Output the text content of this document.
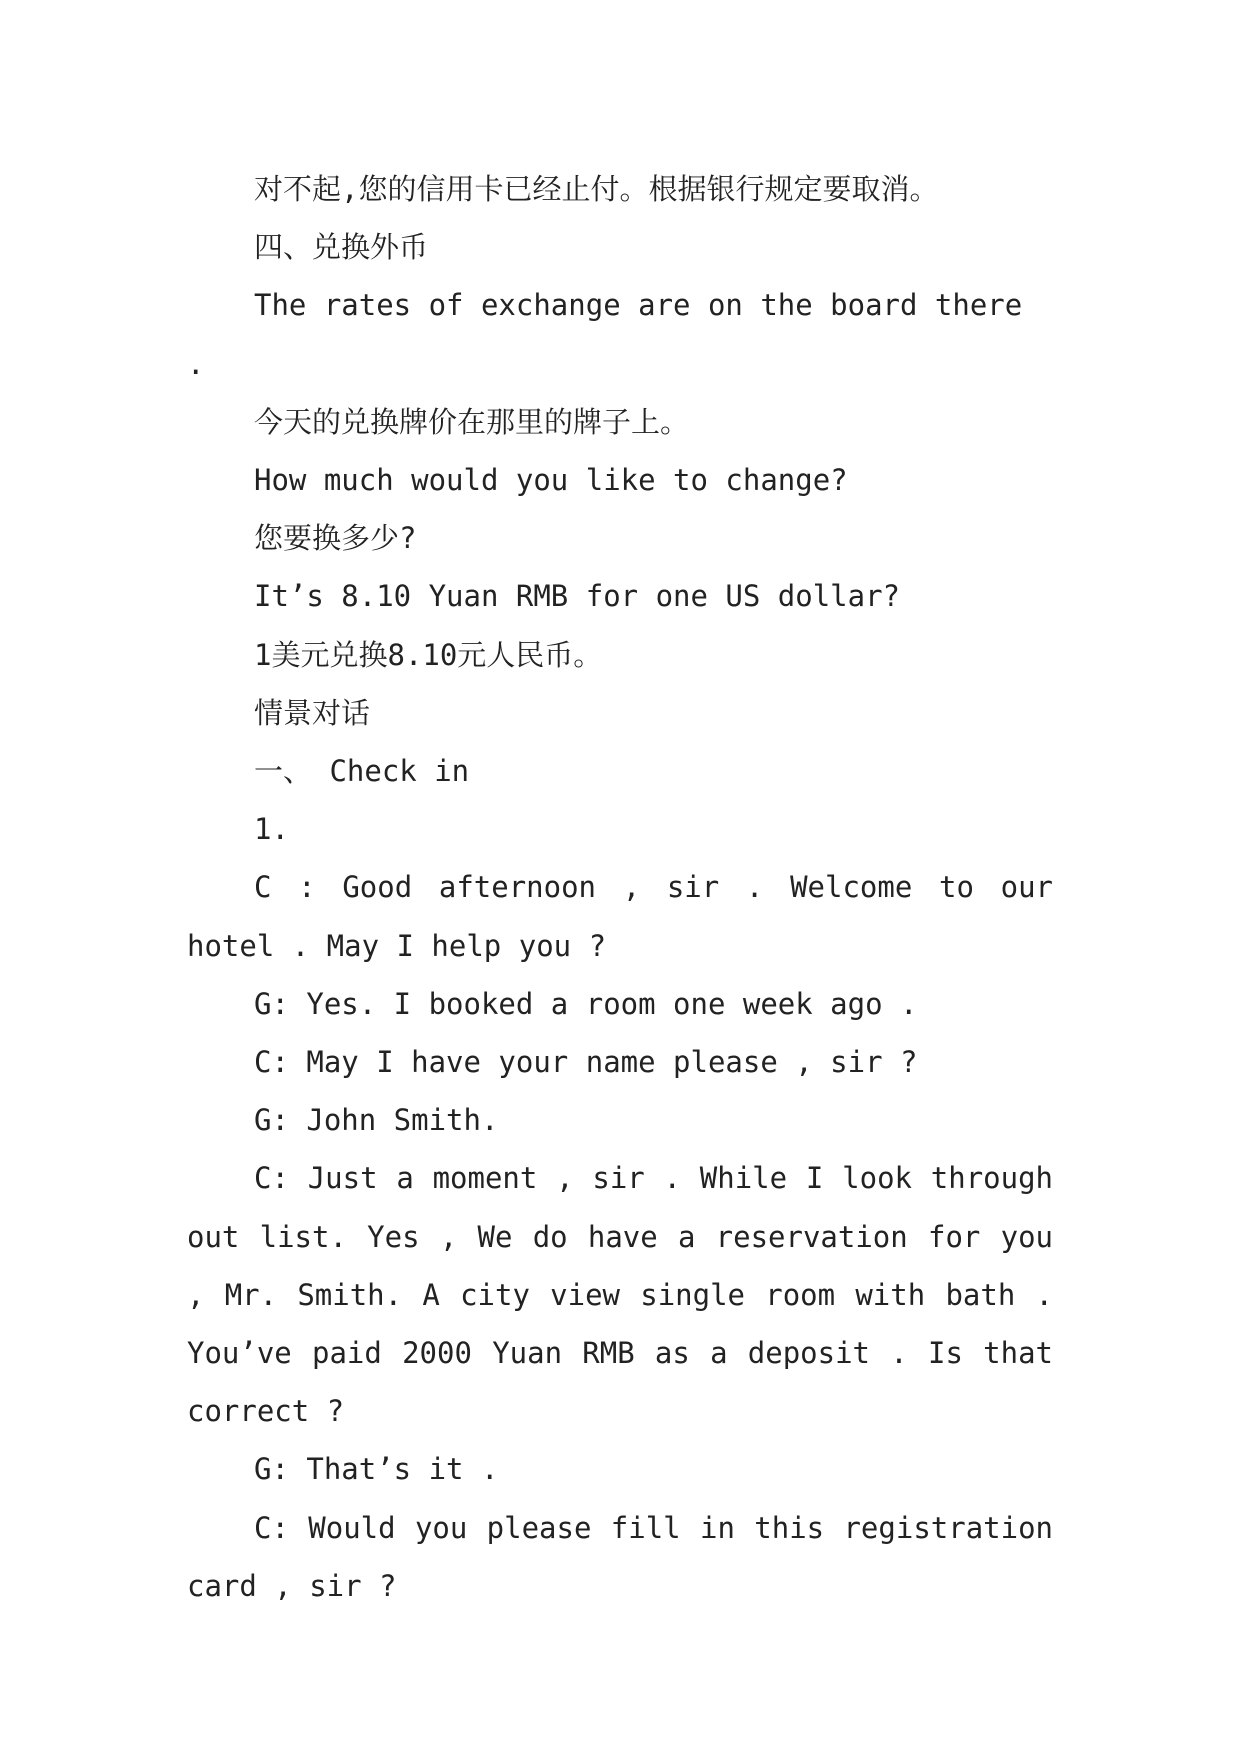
对不起,您的信用卡已经止付。根据银行规定要取消。

四、兑换外币

The rates of exchange are on the board there .

今天的兑换牌价在那里的牌子上。

How much would you like to change?

您要换多少?

It’s 8.10 Yuan RMB for one US dollar?

1美元兑换8.10元人民币。

情景对话

一、 Check in

1.

C : Good afternoon , sir . Welcome to our hotel . May I help you ?

G: Yes. I booked a room one week ago .

C: May I have your name please , sir ?

G: John Smith.

C: Just a moment , sir . While I look through out list. Yes , We do have a reservation for you , Mr. Smith. A city view single room with bath . You’ve paid 2000 Yuan RMB as a deposit . Is that correct ?

G: That’s it .

C: Would you please fill in this registration card , sir ?
